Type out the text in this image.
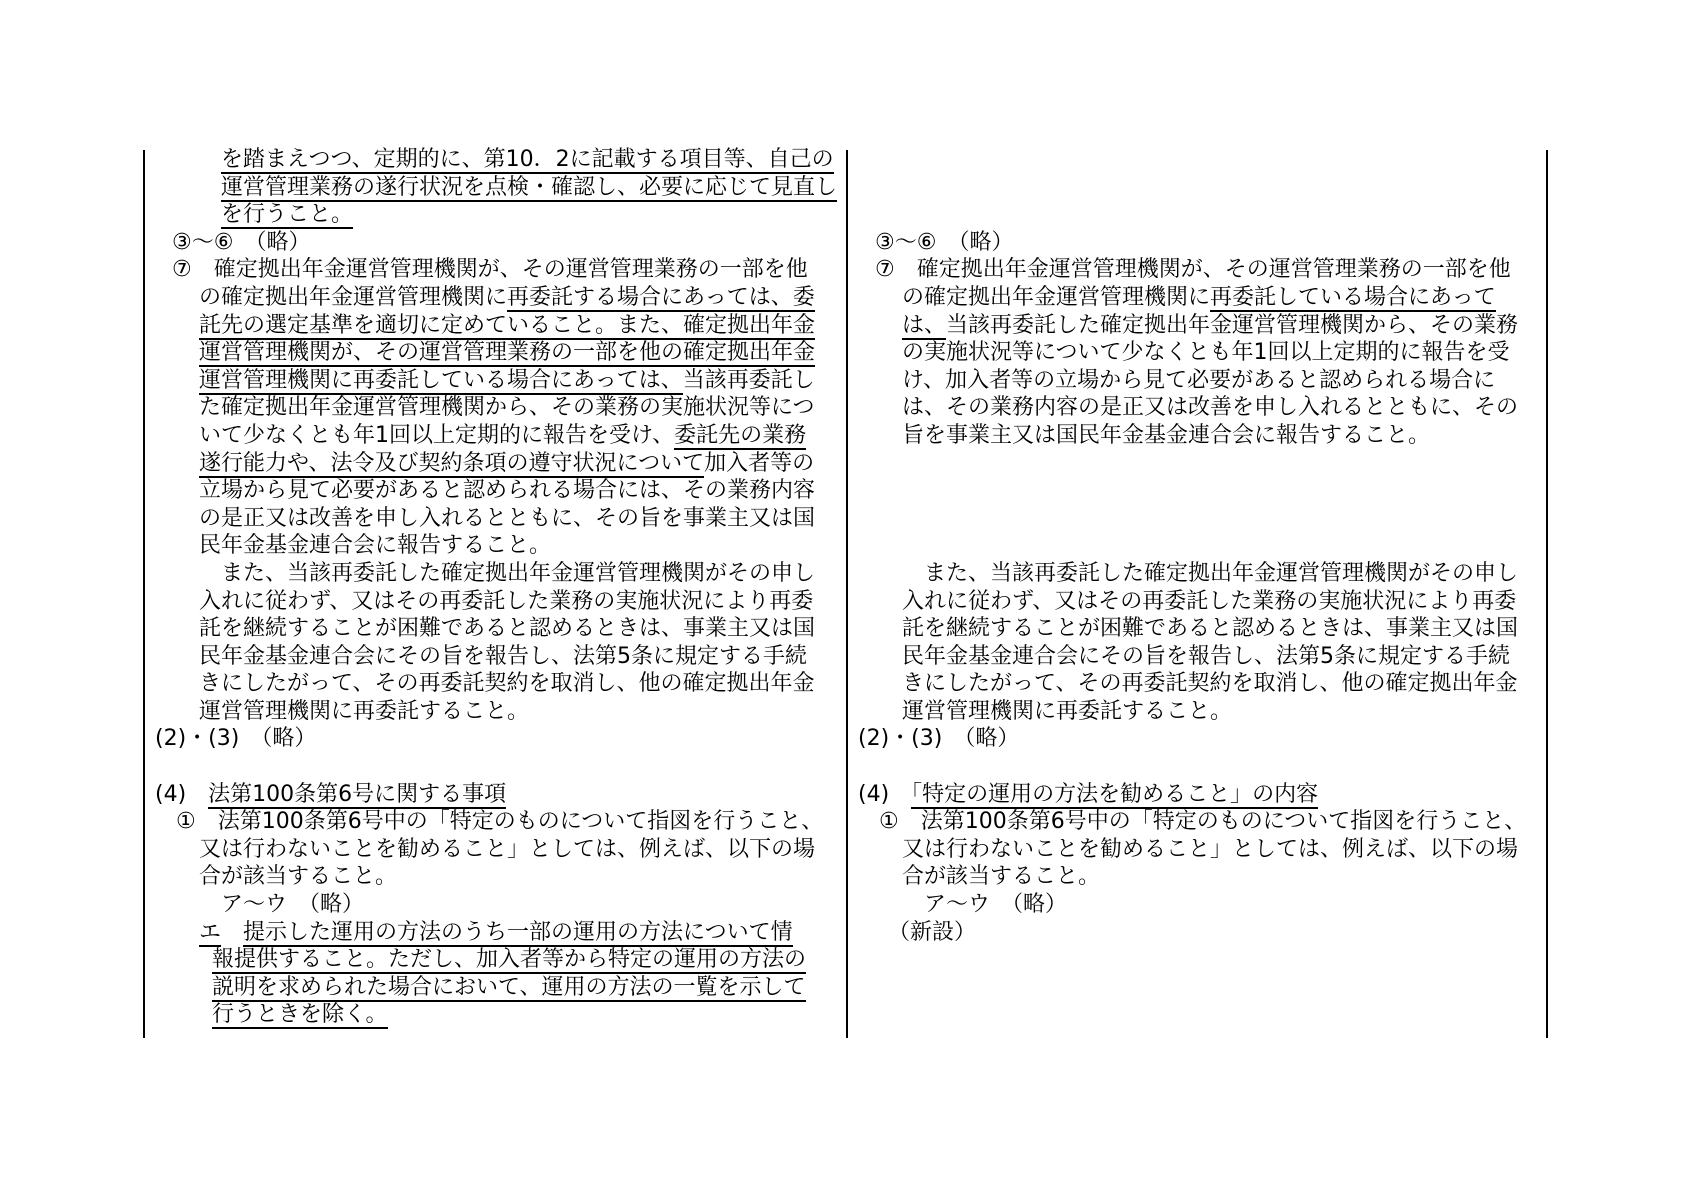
を踏まえつつ、定期的に、第10．2に記載する項目等、自己の
運営管理業務の遂行状況を点検・確認し、必要に応じて見直し
を行うこと。
③～⑥　（略）
⑦　確定拠出年金運営管理機関が、その運営管理業務の一部を他
の確定拠出年金運営管理機関に再委託する場合にあっては、委
託先の選定基準を適切に定めていること。また、確定拠出年金
運営管理機関が、その運営管理業務の一部を他の確定拠出年金
運営管理機関に再委託している場合にあっては、当該再委託し
た確定拠出年金運営管理機関から、その業務の実施状況等につ
いて少なくとも年1回以上定期的に報告を受け、委託先の業務
遂行能力や、法令及び契約条項の遵守状況について加入者等の
立場から見て必要があると認められる場合には、その業務内容
の是正又は改善を申し入れるとともに、その旨を事業主又は国
民年金基金連合会に報告すること。
また、当該再委託した確定拠出年金運営管理機関がその申し
入れに従わず、又はその再委託した業務の実施状況により再委
託を継続することが困難であると認めるときは、事業主又は国
民年金基金連合会にその旨を報告し、法第5条に規定する手続
きにしたがって、その再委託契約を取消し、他の確定拠出年金
運営管理機関に再委託すること。
(2)・(3)　（略）
(4)　法第100条第6号に関する事項
①　法第100条第6号中の「特定のものについて指図を行うこと、
又は行わないことを勧めること」としては、例えば、以下の場
合が該当すること。
ア～ウ　（略）
エ　 提示した運用の方法のうち一部の運用の方法について情
報提供すること。ただし、加入者等から特定の運用の方法の
説明を求められた場合において、運用の方法の一覧を示して
行うときを除く。
③～⑥　（略）
⑦　確定拠出年金運営管理機関が、その運営管理業務の一部を他
の確定拠出年金運営管理機関に再委託している場合にあって
は、当該再委託した確定拠出年金運営管理機関から、その業務
の実施状況等について少なくとも年1回以上定期的に報告を受
け、加入者等の立場から見て必要があると認められる場合に
は、その業務内容の是正又は改善を申し入れるとともに、その
旨を事業主又は国民年金基金連合会に報告すること。
また、当該再委託した確定拠出年金運営管理機関がその申し
入れに従わず、又はその再委託した業務の実施状況により再委
託を継続することが困難であると認めるときは、事業主又は国
民年金基金連合会にその旨を報告し、法第5条に規定する手続
きにしたがって、その再委託契約を取消し、他の確定拠出年金
運営管理機関に再委託すること。
(2)・(3)　（略）
(4)　「特定の運用の方法を勧めること」の内容
①　法第100条第6号中の「特定のものについて指図を行うこと、
又は行わないことを勧めること」としては、例えば、以下の場
合が該当すること。
ア～ウ　（略）
（新設）
